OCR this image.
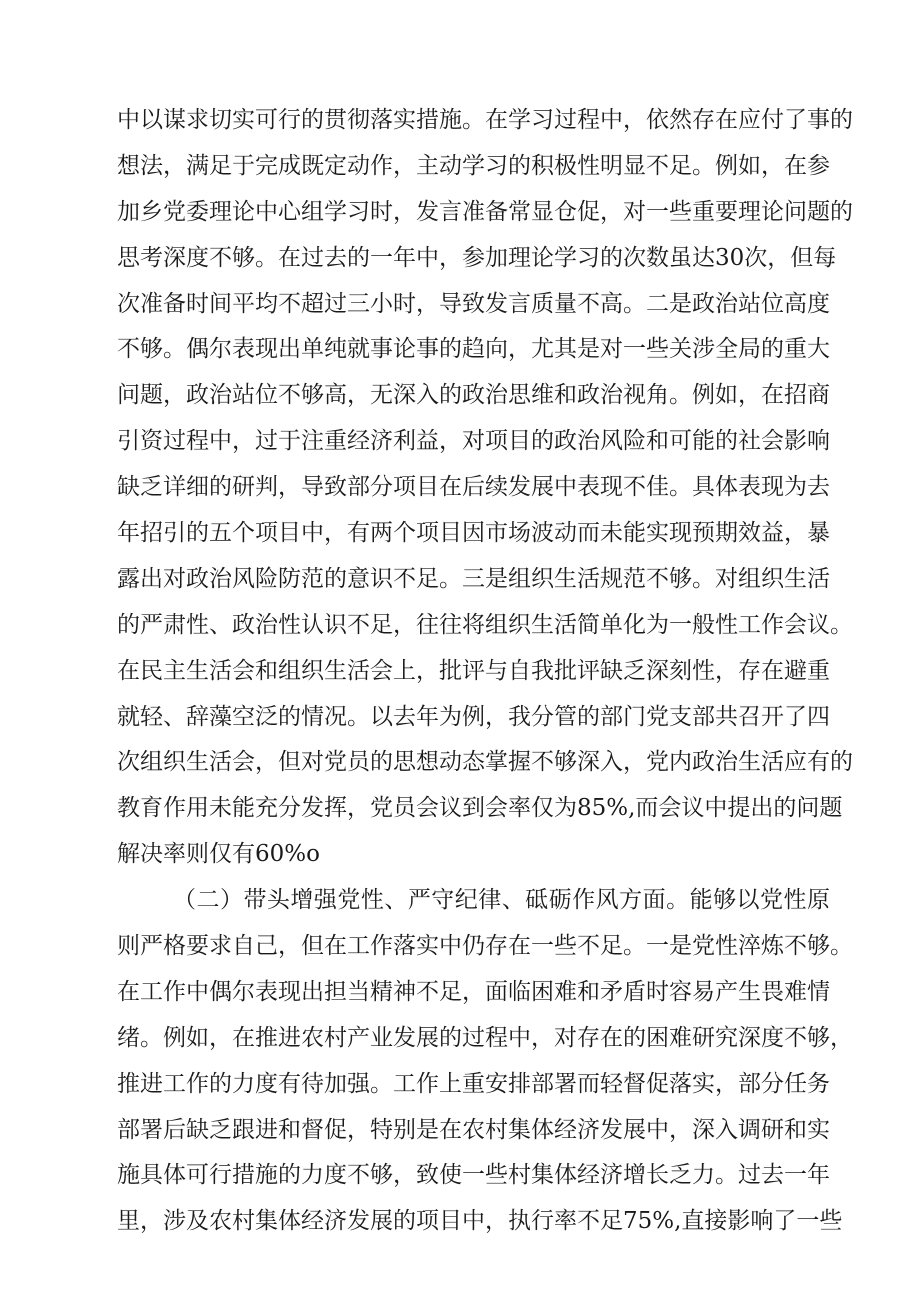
中以谋求切实可行的贯彻落实措施。在学习过程中，依然存在应付了事的
想法，满足于完成既定动作，主动学习的积极性明显不足。例如，在参
加乡党委理论中心组学习时，发言准备常显仓促，对一些重要理论问题的
思考深度不够。在过去的一年中，参加理论学习的次数虽达30次，但每
次准备时间平均不超过三小时，导致发言质量不高。二是政治站位高度
不够。偶尔表现出单纯就事论事的趋向，尤其是对一些关涉全局的重大
问题，政治站位不够高，无深入的政治思维和政治视角。例如，在招商
引资过程中，过于注重经济利益，对项目的政治风险和可能的社会影响
缺乏详细的研判，导致部分项目在后续发展中表现不佳。具体表现为去
年招引的五个项目中，有两个项目因市场波动而未能实现预期效益，暴
露出对政治风险防范的意识不足。三是组织生活规范不够。对组织生活
的严肃性、政治性认识不足，往往将组织生活简单化为一般性工作会议。
在民主生活会和组织生活会上，批评与自我批评缺乏深刻性，存在避重
就轻、辞藻空泛的情况。以去年为例，我分管的部门党支部共召开了四
次组织生活会，但对党员的思想动态掌握不够深入，党内政治生活应有的
教育作用未能充分发挥，党员会议到会率仅为85%,而会议中提出的问题
解决率则仅有60%o
（二）带头增强党性、严守纪律、砥砺作风方面。能够以党性原
则严格要求自己，但在工作落实中仍存在一些不足。一是党性淬炼不够。
在工作中偶尔表现出担当精神不足，面临困难和矛盾时容易产生畏难情
绪。例如，在推进农村产业发展的过程中，对存在的困难研究深度不够，
推进工作的力度有待加强。工作上重安排部署而轻督促落实，部分任务
部署后缺乏跟进和督促，特别是在农村集体经济发展中，深入调研和实
施具体可行措施的力度不够，致使一些村集体经济增长乏力。过去一年
里，涉及农村集体经济发展的项目中，执行率不足75%,直接影响了一些
